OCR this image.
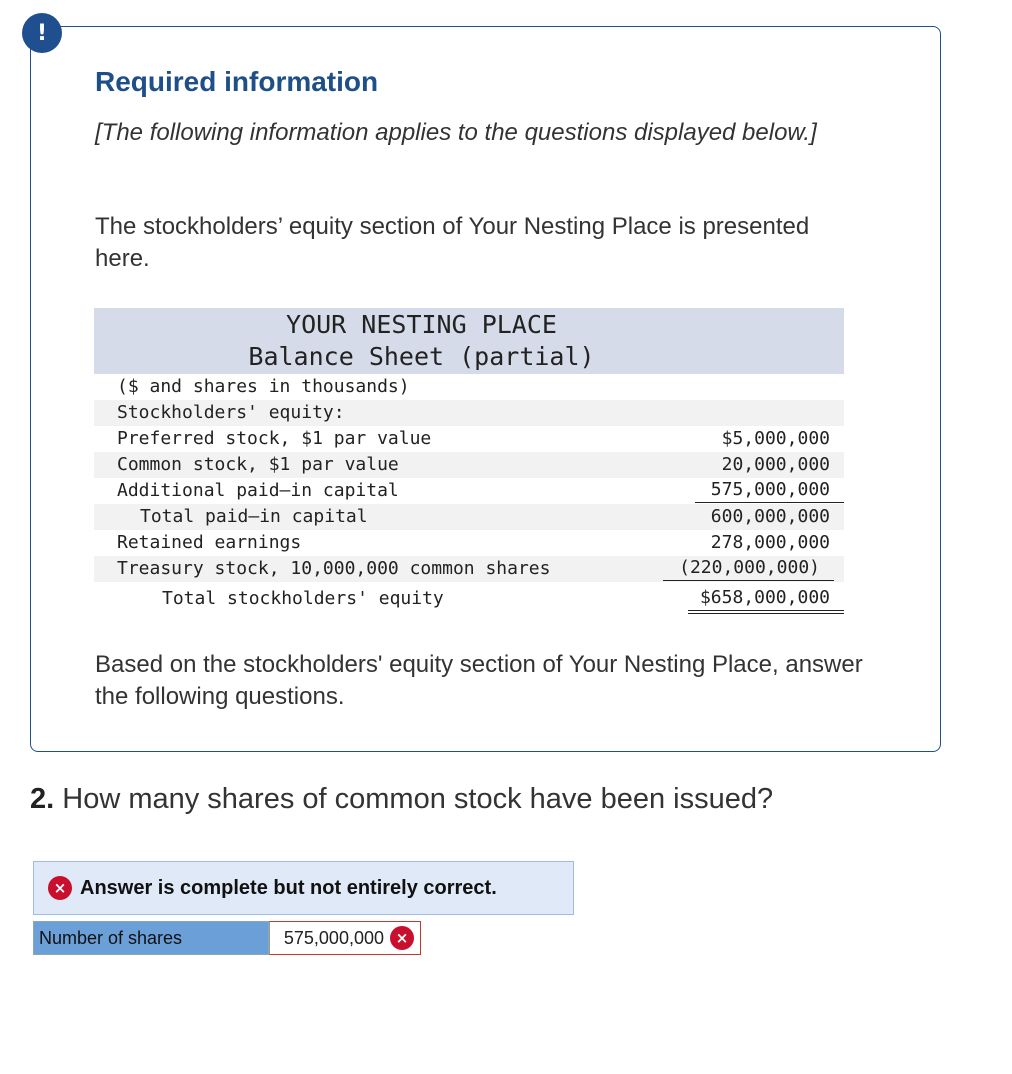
!
Required information

[The following information applies to the questions displayed below.]

The stockholders’ equity section of Your Nesting Place is presented here.

YOUR NESTING PLACE
Balance Sheet (partial)
($ and shares in thousands)
Stockholders' equity:
Preferred stock, $1 par value	$5,000,000
Common stock, $1 par value	20,000,000
Additional paid–in capital	575,000,000
Total paid–in capital	600,000,000
Retained earnings	278,000,000
Treasury stock, 10,000,000 common shares	(220,000,000)
Total stockholders' equity	$658,000,000

Based on the stockholders' equity section of Your Nesting Place, answer the following questions.

2. How many shares of common stock have been issued?

× Answer is complete but not entirely correct.
Number of shares	575,000,000 ×
